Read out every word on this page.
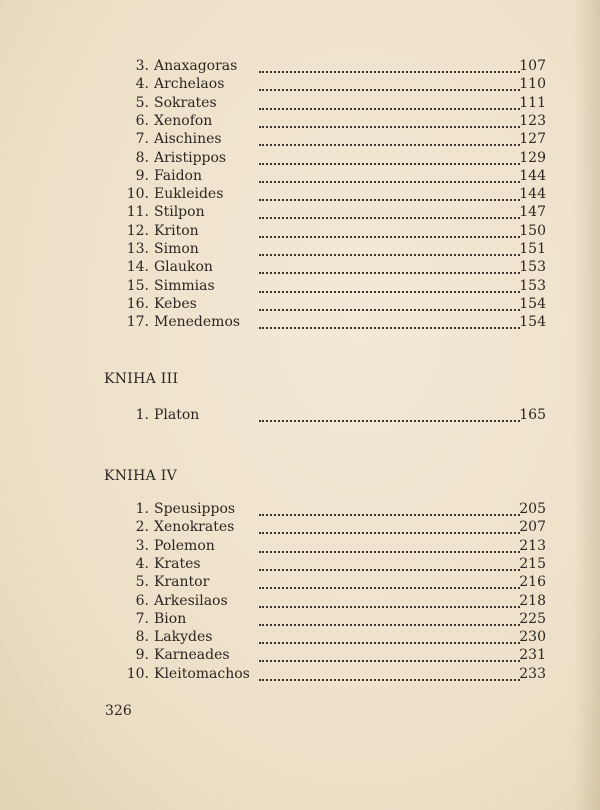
3. Anaxagoras	107
4. Archelaos	110
5. Sokrates	111
6. Xenofon	123
7. Aischines	127
8. Aristippos	129
9. Faidon	144
10. Eukleides	144
11. Stilpon	147
12. Kriton	150
13. Simon	151
14. Glaukon	153
15. Simmias	153
16. Kebes	154
17. Menedemos	154
KNIHA III
1. Platon	165
KNIHA IV
1. Speusippos	205
2. Xenokrates	207
3. Polemon	213
4. Krates	215
5. Krantor	216
6. Arkesilaos	218
7. Bion	225
8. Lakydes	230
9. Karneades	231
10. Kleitomachos	233
326
